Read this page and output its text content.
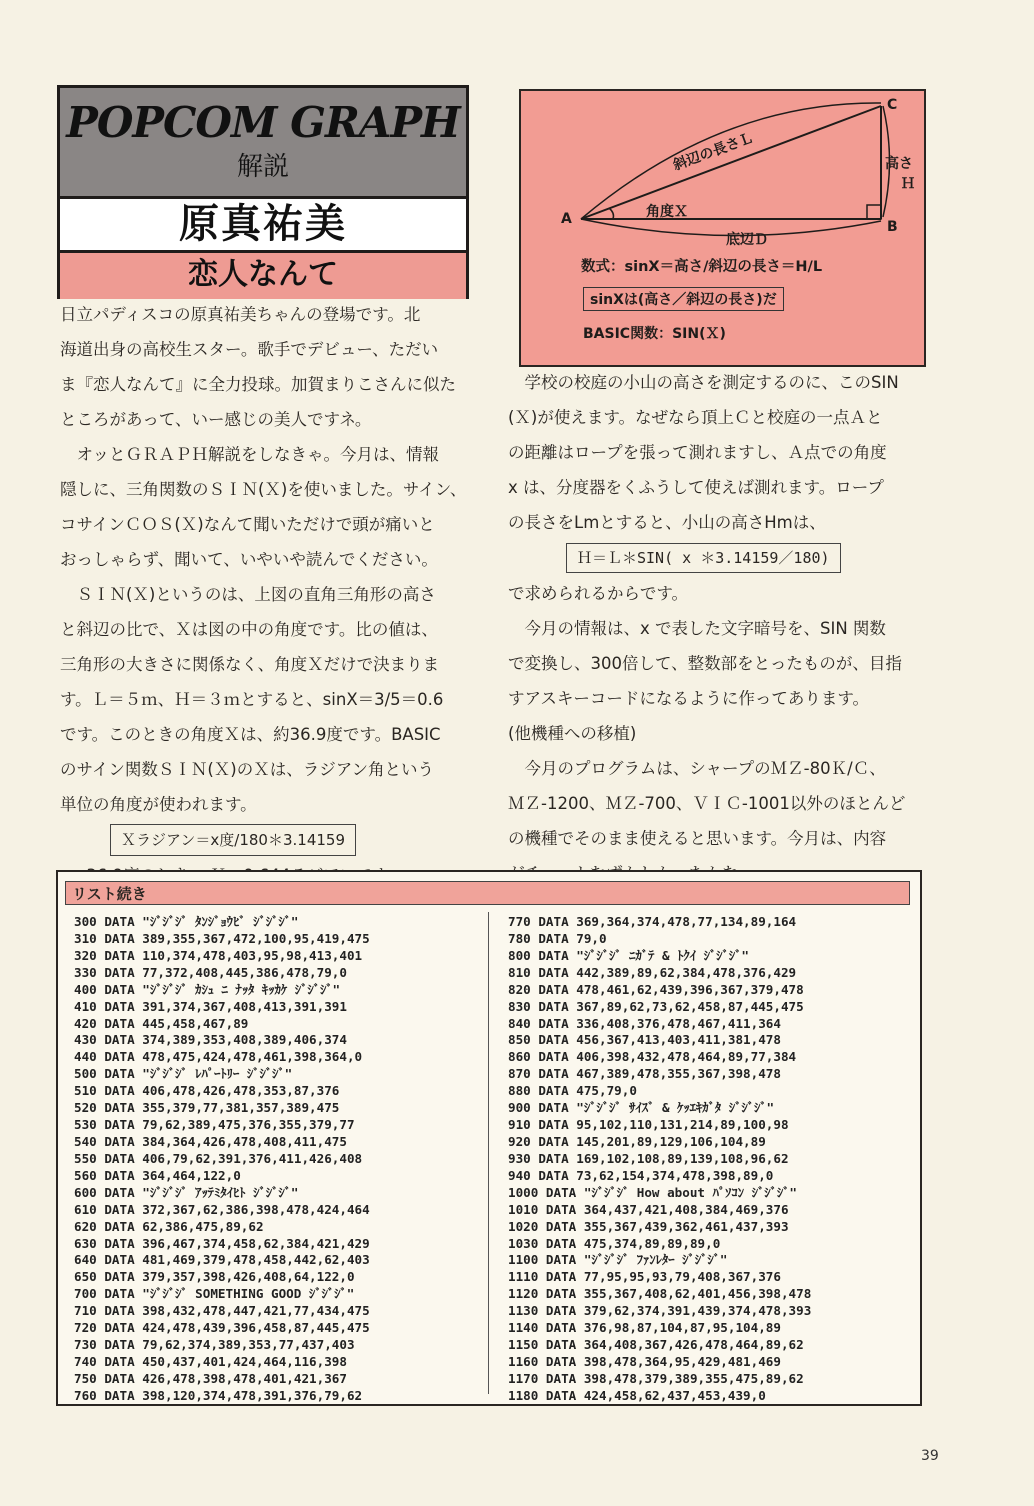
POPCOM GRAPH
解説
原真祐美
恋人なんて

日立パディスコの原真祐美ちゃんの登場です。北

海道出身の高校生スター。歌手でデビュー、ただい

ま『恋人なんて』に全力投球。加賀まりこさんに似た

ところがあって、いー感じの美人ですネ。

オッとＧＲＡＰＨ解説をしなきゃ。今月は、情報

隠しに、三角関数のＳＩＮ(Ｘ)を使いました。サイン、

コサインＣＯＳ(Ｘ)なんて聞いただけで頭が痛いと

おっしゃらず、聞いて、いやいや読んでください。

ＳＩＮ(Ｘ)というのは、上図の直角三角形の高さ

と斜辺の比で、Ｘは図の中の角度です。比の値は、

三角形の大きさに関係なく、角度Ｘだけで決まりま

す。Ｌ＝５ｍ、Ｈ＝３ｍとすると、sinX＝3/5＝0.6

です。このときの角度Ｘは、約36.9度です。BASIC

のサイン関数ＳＩＮ(Ｘ)のＸは、ラジアン角という

単位の角度が使われます。

Ｘラジアン＝x度/180＊3.14159

C
A	B
斜辺の長さＬ	高さ
Ｈ
角度Ｘ
底辺Ｄ
数式：sinX＝高さ/斜辺の長さ＝H/L
sinXは(高さ／斜辺の長さ)だ
BASIC関数：SIN(Ｘ)

学校の校庭の小山の高さを測定するのに、このSIN

(Ｘ)が使えます。なぜなら頂上Ｃと校庭の一点Ａと

の距離はロープを張って測れますし、Ａ点での角度

x は、分度器をくふうして使えば測れます。ロープ

の長さをLmとすると、小山の高さHmは、

Ｈ＝Ｌ＊SIN( x ＊3.14159／180)

で求められるからです。

今月の情報は、x で表した文字暗号を、SIN 関数

で変換し、300倍して、整数部をとったものが、目指

すアスキーコードになるように作ってあります。

(他機種への移植)

今月のプログラムは、シャープのＭＺ-80Ｋ/Ｃ、

ＭＺ-1200、ＭＺ-700、ＶＩＣ-1001以外のほとんど

の機種でそのまま使えると思います。今月は、内容

リスト続き
300 DATA "ｼﾞｼﾞｼﾞ ﾀﾝｼﾞｮｳﾋﾞ ｼﾞｼﾞｼﾞ"
310 DATA 389,355,367,472,100,95,419,475
320 DATA 110,374,478,403,95,98,413,401
330 DATA 77,372,408,445,386,478,79,0
400 DATA "ｼﾞｼﾞｼﾞ ｶｼｭ ﾆ ﾅｯﾀ ｷｯｶｹ ｼﾞｼﾞｼﾞ"
410 DATA 391,374,367,408,413,391,391
420 DATA 445,458,467,89
430 DATA 374,389,353,408,389,406,374
440 DATA 478,475,424,478,461,398,364,0
500 DATA "ｼﾞｼﾞｼﾞ ﾚﾊﾟｰﾄﾘｰ ｼﾞｼﾞｼﾞ"
510 DATA 406,478,426,478,353,87,376
520 DATA 355,379,77,381,357,389,475
530 DATA 79,62,389,475,376,355,379,77
540 DATA 384,364,426,478,408,411,475
550 DATA 406,79,62,391,376,411,426,408
560 DATA 364,464,122,0
600 DATA "ｼﾞｼﾞｼﾞ ｱｯﾃﾐﾀｲﾋﾄ ｼﾞｼﾞｼﾞ"
610 DATA 372,367,62,386,398,478,424,464
620 DATA 62,386,475,89,62
630 DATA 396,467,374,458,62,384,421,429
640 DATA 481,469,379,478,458,442,62,403
650 DATA 379,357,398,426,408,64,122,0
700 DATA "ｼﾞｼﾞｼﾞ SOMETHING GOOD ｼﾞｼﾞｼﾞ"
710 DATA 398,432,478,447,421,77,434,475
720 DATA 424,478,439,396,458,87,445,475
730 DATA 79,62,374,389,353,77,437,403
740 DATA 450,437,401,424,464,116,398
750 DATA 426,478,398,478,401,421,367
760 DATA 398,120,374,478,391,376,79,62
770 DATA 369,364,374,478,77,134,89,164
780 DATA 79,0
800 DATA "ｼﾞｼﾞｼﾞ ﾆｶﾞﾃ & ﾄｸｲ ｼﾞｼﾞｼﾞ"
810 DATA 442,389,89,62,384,478,376,429
820 DATA 478,461,62,439,396,367,379,478
830 DATA 367,89,62,73,62,458,87,445,475
840 DATA 336,408,376,478,467,411,364
850 DATA 456,367,413,403,411,381,478
860 DATA 406,398,432,478,464,89,77,384
870 DATA 467,389,478,355,367,398,478
880 DATA 475,79,0
900 DATA "ｼﾞｼﾞｼﾞ ｻｲｽﾞ & ｹｯｴｷｶﾞﾀ ｼﾞｼﾞｼﾞ"
910 DATA 95,102,110,131,214,89,100,98
920 DATA 145,201,89,129,106,104,89
930 DATA 169,102,108,89,139,108,96,62
940 DATA 73,62,154,374,478,398,89,0
1000 DATA "ｼﾞｼﾞｼﾞ How about ﾊﾟｿｺﾝ ｼﾞｼﾞｼﾞ"
1010 DATA 364,437,421,408,384,469,376
1020 DATA 355,367,439,362,461,437,393
1030 DATA 475,374,89,89,89,0
1100 DATA "ｼﾞｼﾞｼﾞ ﾌｧﾝﾚﾀｰ ｼﾞｼﾞｼﾞ"
1110 DATA 77,95,95,93,79,408,367,376
1120 DATA 355,367,408,62,401,456,398,478
1130 DATA 379,62,374,391,439,374,478,393
1140 DATA 376,98,87,104,87,95,104,89
1150 DATA 364,408,367,426,478,464,89,62
1160 DATA 398,478,364,95,429,481,469
1170 DATA 398,478,379,389,355,475,89,62
1180 DATA 424,458,62,437,453,439,0
39
